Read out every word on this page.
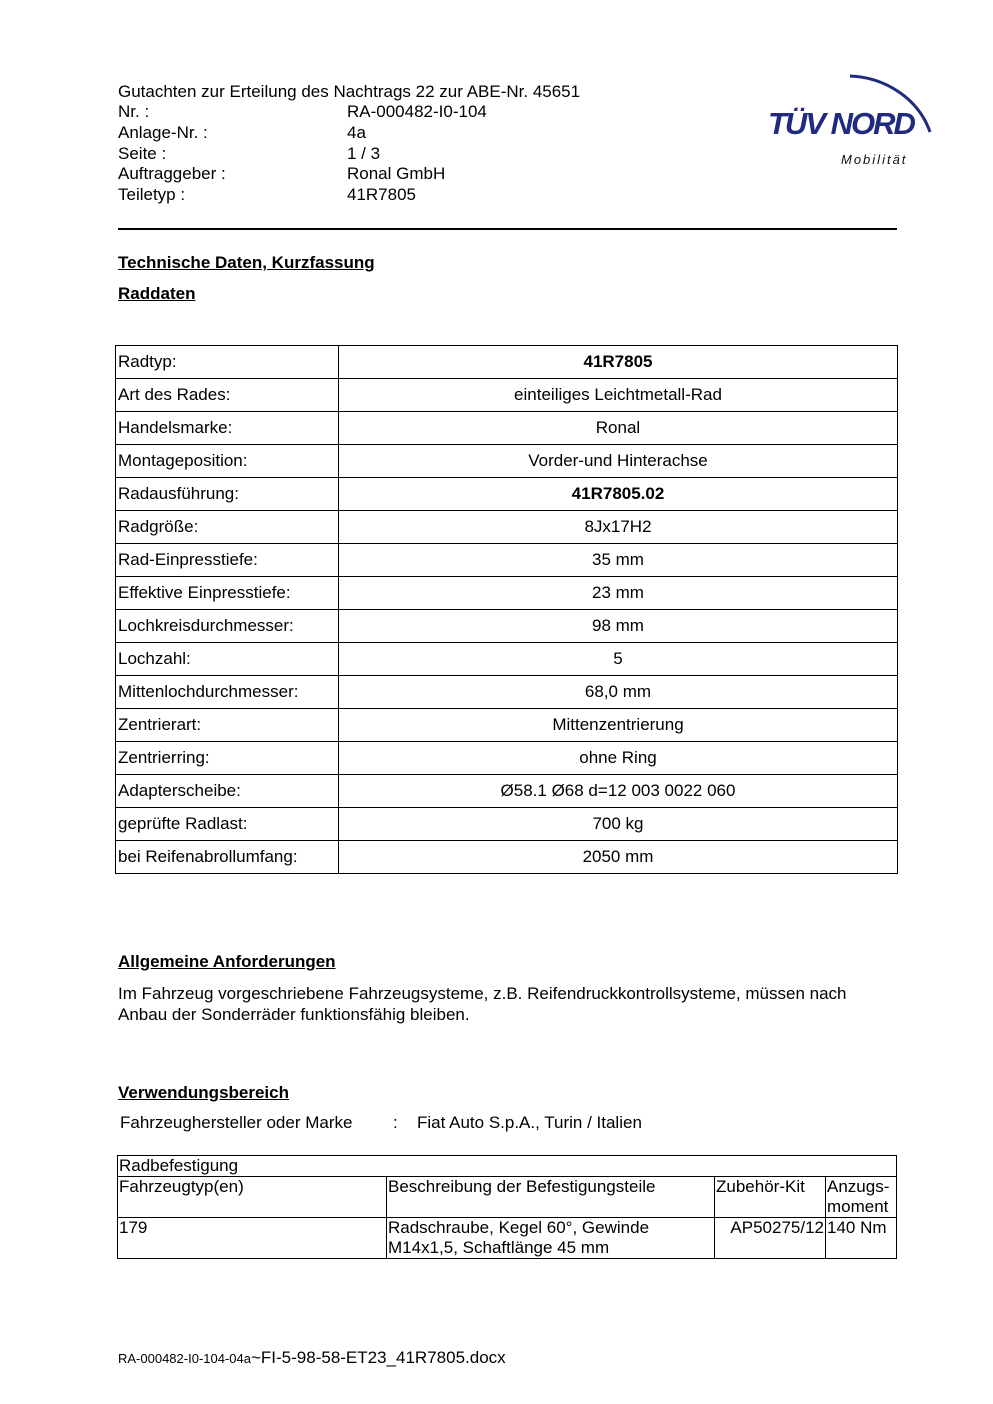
Gutachten zur Erteilung des Nachtrags 22 zur ABE-Nr. 45651
Nr. :	RA-000482-I0-104
Anlage-Nr. :	4a
Seite :	1 / 3
Auftraggeber :	Ronal GmbH
Teiletyp :	41R7805
TÜV NORD
Mobilität
Technische Daten, Kurzfassung
Raddaten
Radtyp:	41R7805
Art des Rades:	einteiliges Leichtmetall-Rad
Handelsmarke:	Ronal
Montageposition:	Vorder-und Hinterachse
Radausführung:	41R7805.02
Radgröße:	8Jx17H2
Rad-Einpresstiefe:	35 mm
Effektive Einpresstiefe:	23 mm
Lochkreisdurchmesser:	98 mm
Lochzahl:	5
Mittenlochdurchmesser:	68,0 mm
Zentrierart:	Mittenzentrierung
Zentrierring:	ohne Ring
Adapterscheibe:	Ø58.1 Ø68 d=12 003 0022 060
geprüfte Radlast:	700 kg
bei Reifenabrollumfang:	2050 mm
Allgemeine Anforderungen
Im Fahrzeug vorgeschriebene Fahrzeugsysteme, z.B. Reifendruckkontrollsysteme, müssen nach Anbau der Sonderräder funktionsfähig bleiben.
Verwendungsbereich
Fahrzeughersteller oder Marke : Fiat Auto S.p.A., Turin / Italien
Radbefestigung			
Fahrzeugtyp(en)	Beschreibung der Befestigungsteile	Zubehör-Kit	Anzugs-
moment
179	Radschraube, Kegel 60°, Gewinde M14x1,5, Schaftlänge 45 mm	AP50275/12	140 Nm
RA-000482-I0-104-04a~FI-5-98-58-ET23_41R7805.docx
